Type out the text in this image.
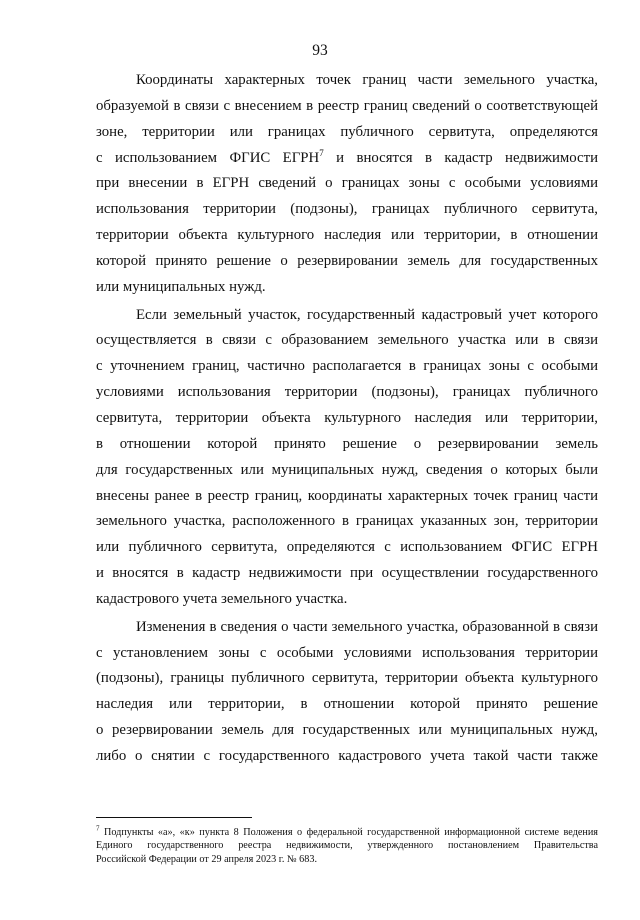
93

Координаты характерных точек границ части земельного участка,

образуемой в связи с внесением в реестр границ сведений о соответствующей

зоне, территории или границах публичного сервитута, определяются

с использованием ФГИС ЕГРН$^7$ и вносятся в кадастр недвижимости

при внесении в ЕГРН сведений о границах зоны с особыми условиями

использования территории (подзоны), границах публичного сервитута,

территории объекта культурного наследия или территории, в отношении

которой принято решение о резервировании земель для государственных

или муниципальных нужд.

Если земельный участок, государственный кадастровый учет которого

осуществляется в связи с образованием земельного участка или в связи

с уточнением границ, частично располагается в границах зоны с особыми

условиями использования территории (подзоны), границах публичного

сервитута, территории объекта культурного наследия или территории,

в отношении которой принято решение о резервировании земель

для государственных или муниципальных нужд, сведения о которых были

внесены ранее в реестр границ, координаты характерных точек границ части

земельного участка, расположенного в границах указанных зон, территории

или публичного сервитута, определяются с использованием ФГИС ЕГРН

и вносятся в кадастр недвижимости при осуществлении государственного

кадастрового учета земельного участка.

Изменения в сведения о части земельного участка, образованной в связи

с установлением зоны с особыми условиями использования территории

(подзоны), границы публичного сервитута, территории объекта культурного

наследия или территории, в отношении которой принято решение

о резервировании земель для государственных или муниципальных нужд,

либо о снятии с государственного кадастрового учета такой части также

$^7$ Подпункты «а», «к» пункта 8 Положения о федеральной государственной информационной системе ведения

Единого государственного реестра недвижимости, утвержденного постановлением Правительства

Российской Федерации от 29 апреля 2023 г. № 683.
